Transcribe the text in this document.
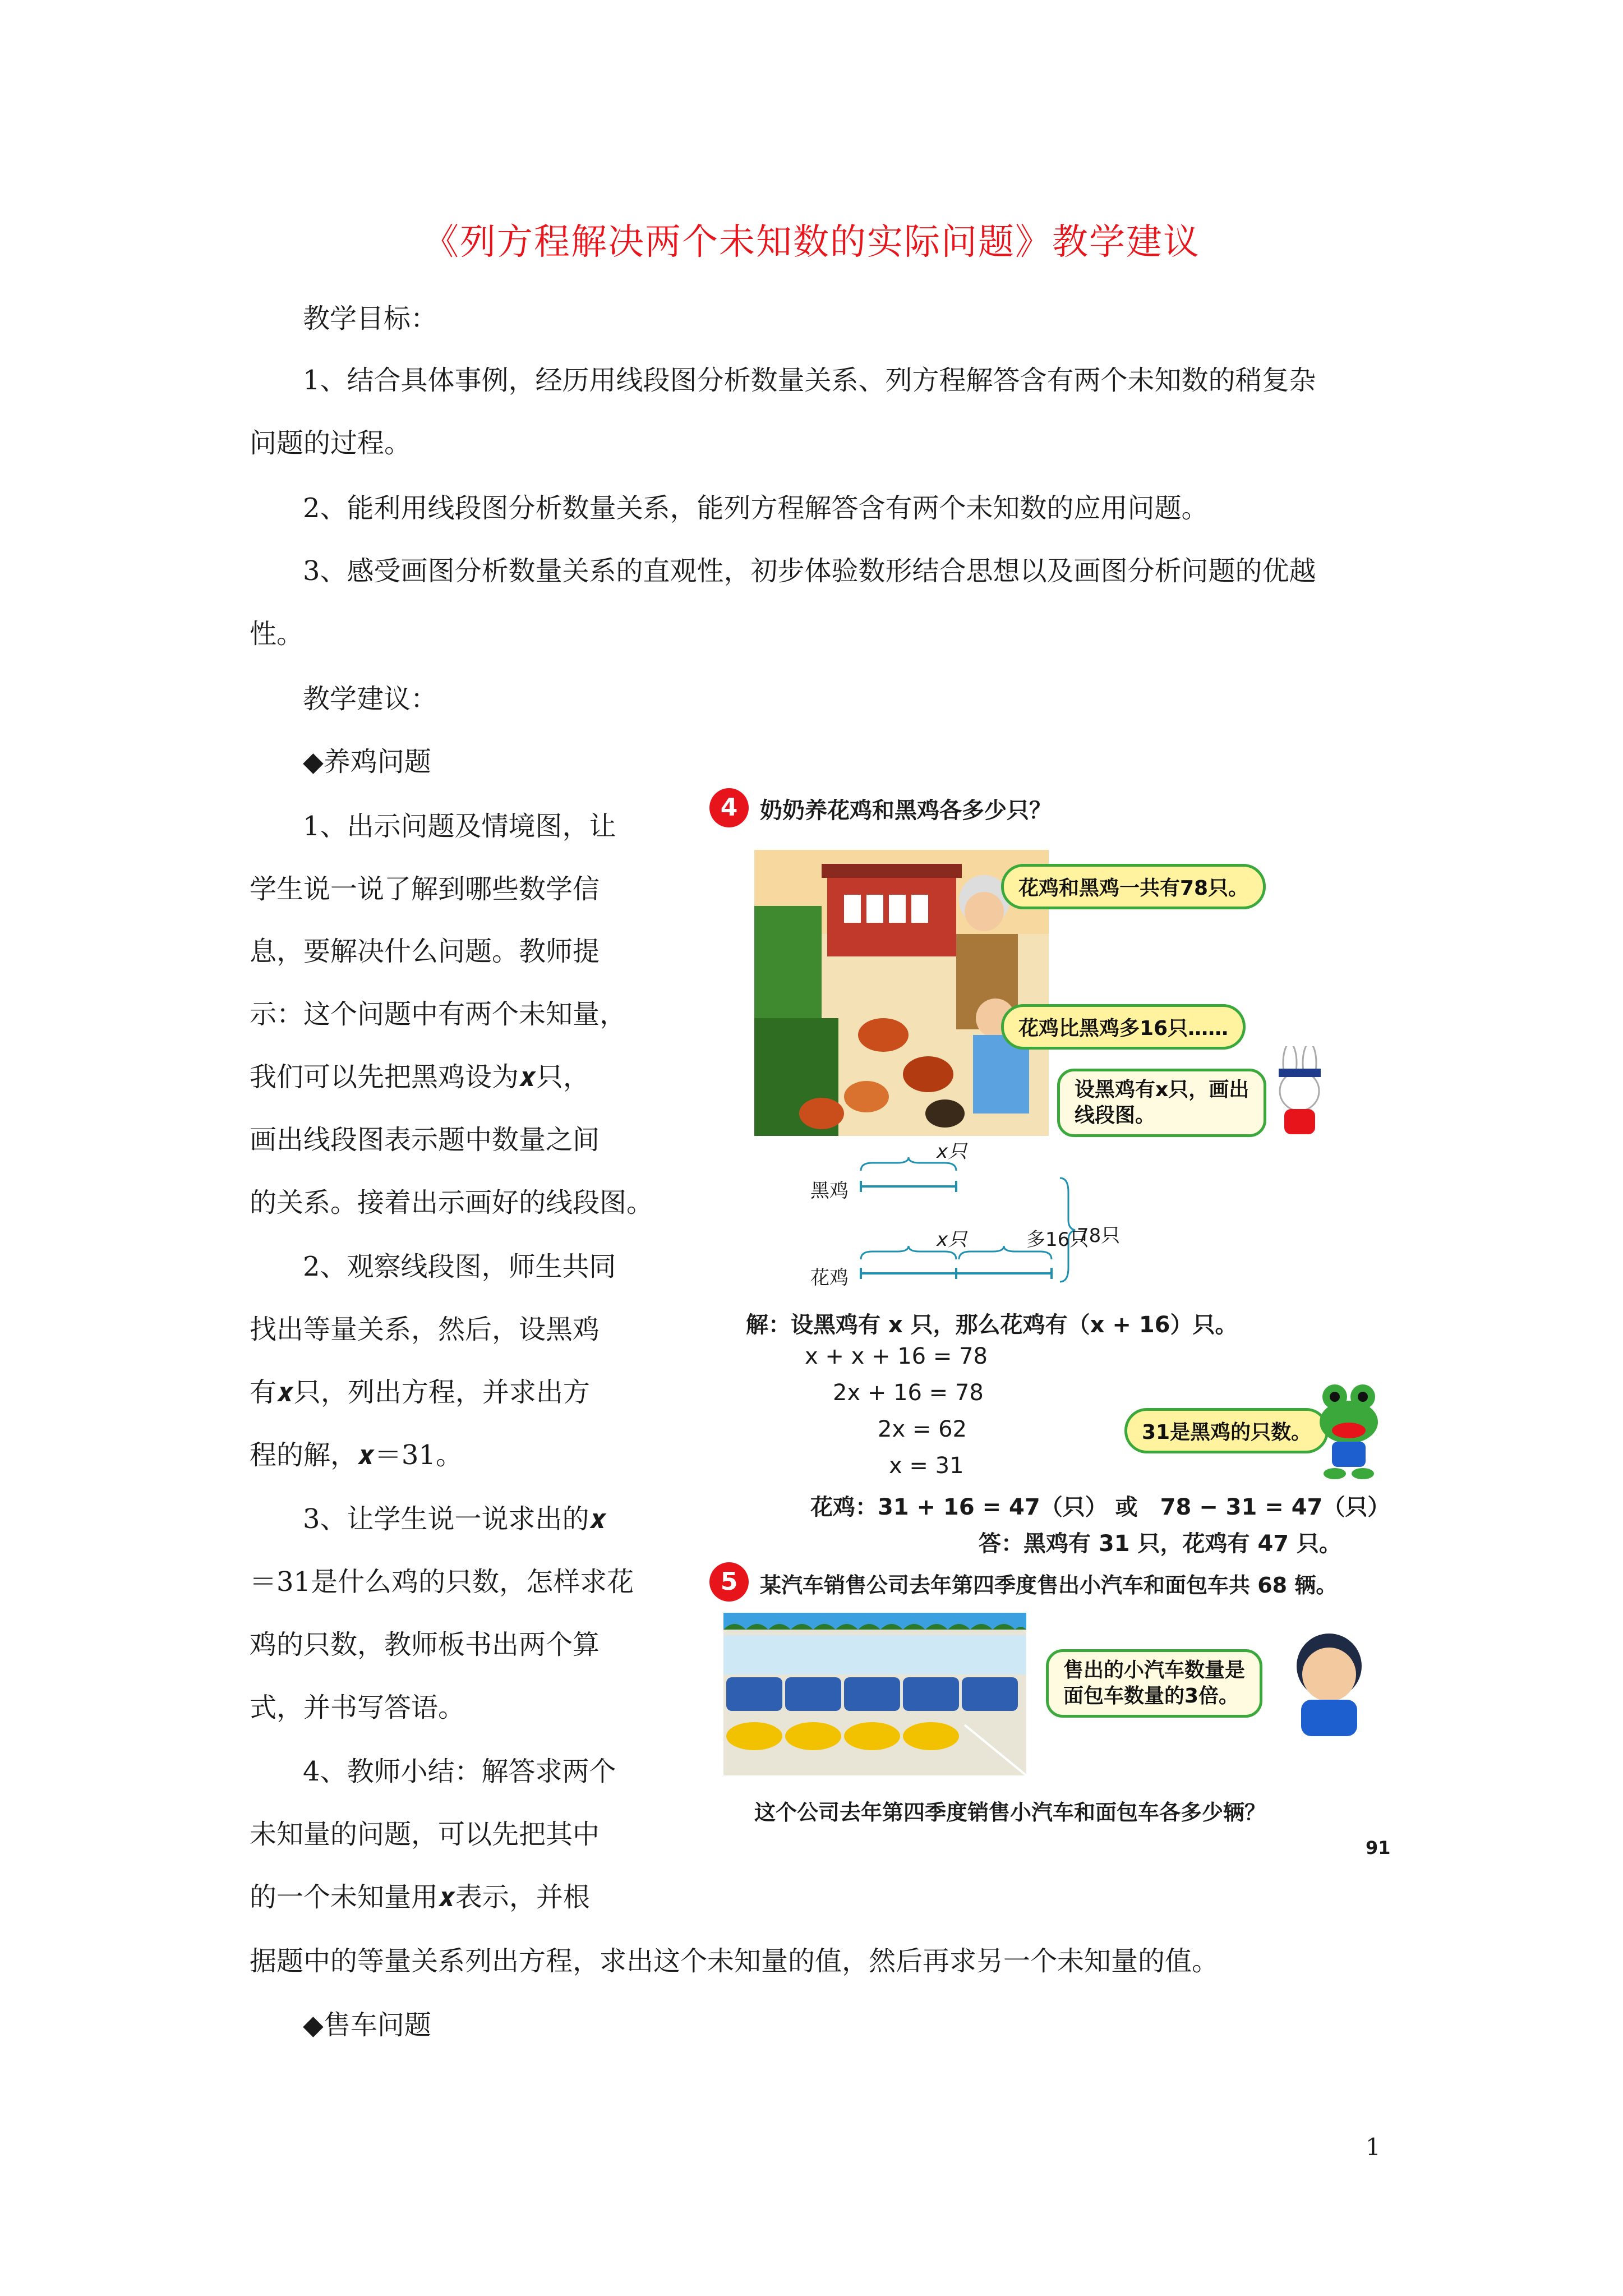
《列方程解决两个未知数的实际问题》教学建议
教学目标：
1、结合具体事例，经历用线段图分析数量关系、列方程解答含有两个未知数的稍复杂
问题的过程。
2、能利用线段图分析数量关系，能列方程解答含有两个未知数的应用问题。
3、感受画图分析数量关系的直观性，初步体验数形结合思想以及画图分析问题的优越
性。
教学建议：
◆养鸡问题
1、出示问题及情境图，让
学生说一说了解到哪些数学信
息，要解决什么问题。教师提
示：这个问题中有两个未知量，
我们可以先把黑鸡设为𝒙只，
画出线段图表示题中数量之间
的关系。接着出示画好的线段图。
2、观察线段图，师生共同
找出等量关系，然后，设黑鸡
有𝒙只，列出方程，并求出方
程的解，𝒙＝31。
3、让学生说一说求出的𝒙
＝31是什么鸡的只数，怎样求花
鸡的只数，教师板书出两个算
式，并书写答语。
4、教师小结：解答求两个
未知量的问题，可以先把其中
的一个未知量用𝒙表示，并根
据题中的等量关系列出方程，求出这个未知量的值，然后再求另一个未知量的值。
◆售车问题
1
4 奶奶养花鸡和黑鸡各多少只？
花鸡和黑鸡一共有78只。
花鸡比黑鸡多16只……
设黑鸡有x只，画出
线段图。
x只
黑鸡
x只	多16只
78只
花鸡
解：设黑鸡有 x 只，那么花鸡有（x + 16）只。
x + x + 16 = 78
2x + 16 = 78
2x = 62
x = 31
31是黑鸡的只数。
花鸡：31 + 16 = 47（只） 或　78 − 31 = 47（只）
答：黑鸡有 31 只，花鸡有 47 只。
5	某汽车销售公司去年第四季度售出小汽车和面包车共 68 辆。
售出的小汽车数量是
面包车数量的3倍。
这个公司去年第四季度销售小汽车和面包车各多少辆？
91
